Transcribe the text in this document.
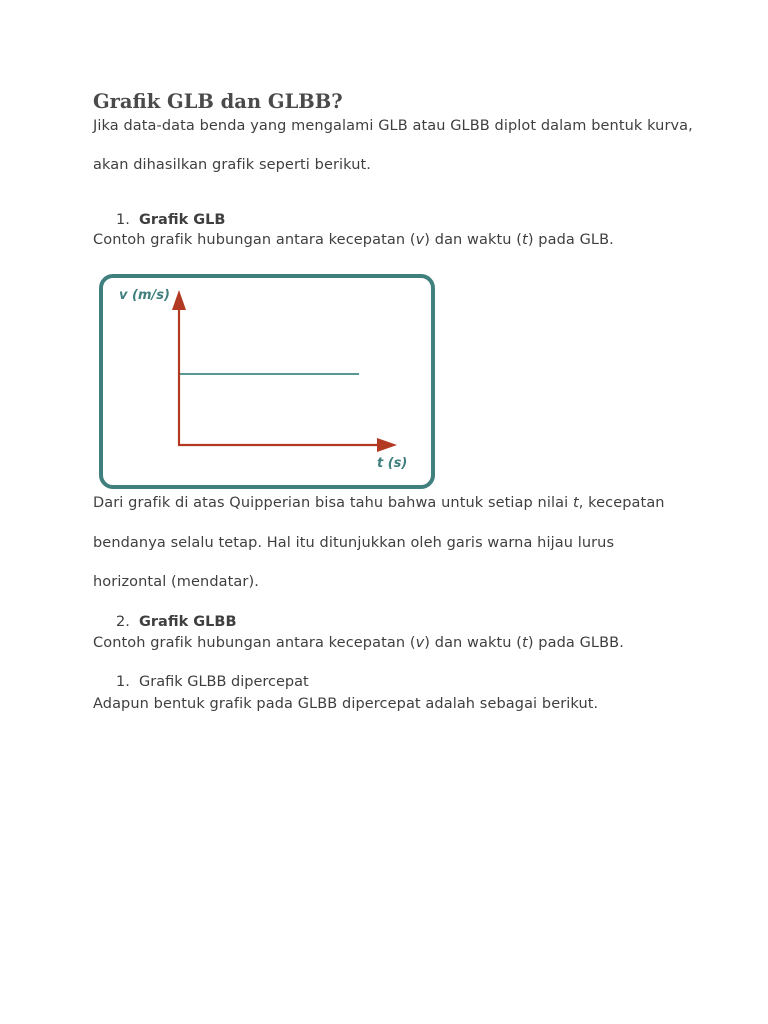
Grafik GLB dan GLBB?
Jika data-data benda yang mengalami GLB atau GLBB diplot dalam bentuk kurva,
akan dihasilkan grafik seperti berikut.
1. Grafik GLB
Contoh grafik hubungan antara kecepatan (v) dan waktu (t) pada GLB.
v (m/s)
t (s)
Dari grafik di atas Quipperian bisa tahu bahwa untuk setiap nilai t, kecepatan
bendanya selalu tetap. Hal itu ditunjukkan oleh garis warna hijau lurus
horizontal (mendatar).
2. Grafik GLBB
Contoh grafik hubungan antara kecepatan (v) dan waktu (t) pada GLBB.
1. Grafik GLBB dipercepat
Adapun bentuk grafik pada GLBB dipercepat adalah sebagai berikut.
